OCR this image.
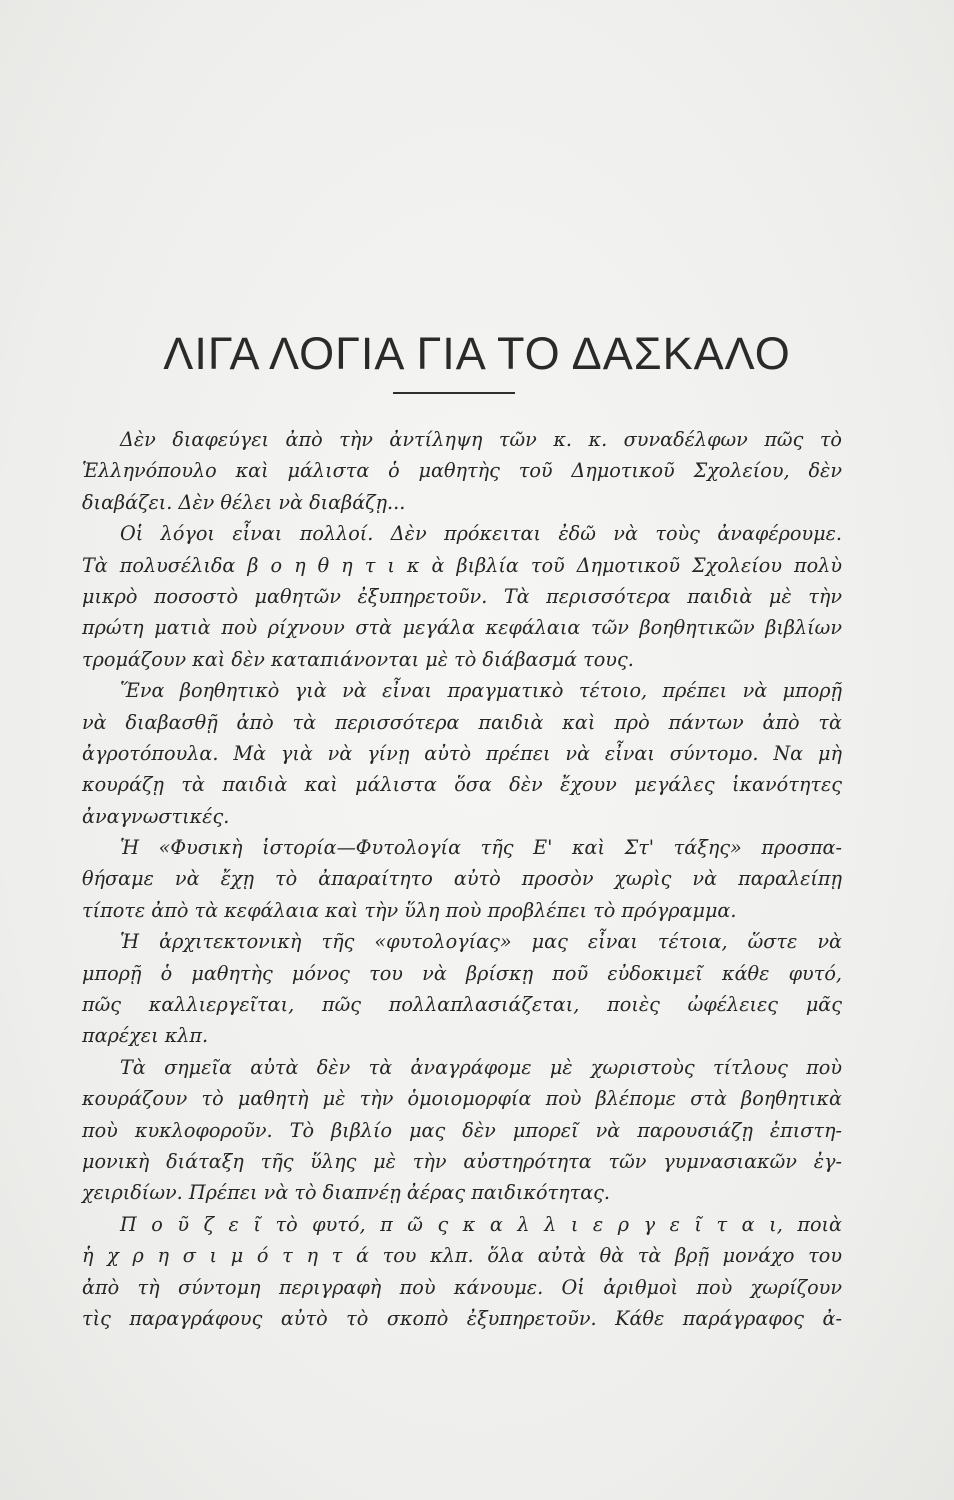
ΛΙΓΑ ΛΟΓΙΑ ΓΙΑ ΤΟ ΔΑΣΚΑΛΟ
Δὲν διαφεύγει ἀπὸ τὴν ἀντίληψη τῶν κ. κ. συναδέλφων πῶς τὸ
Ἑλληνόπουλο καὶ μάλιστα ὁ μαθητὴς τοῦ Δημοτικοῦ Σχολείου, δὲν
διαβάζει. Δὲν θέλει νὰ διαβάζῃ...
Οἱ λόγοι εἶναι πολλοί. Δὲν πρόκειται ἐδῶ νὰ τοὺς ἀναφέρουμε.
Τὰ πολυσέλιδα β ο η θ η τ ι κ ὰ βιβλία τοῦ Δημοτικοῦ Σχολείου πολὺ
μικρὸ ποσοστὸ μαθητῶν ἐξυπηρετοῦν. Τὰ περισσότερα παιδιὰ μὲ τὴν
πρώτη ματιὰ ποὺ ρίχνουν στὰ μεγάλα κεφάλαια τῶν βοηθητικῶν βιβλίων
τρομάζουν καὶ δὲν καταπιάνονται μὲ τὸ διάβασμά τους.
Ἕνα βοηθητικὸ γιὰ νὰ εἶναι πραγματικὸ τέτοιο, πρέπει νὰ μπορῇ
νὰ διαβασθῇ ἀπὸ τὰ περισσότερα παιδιὰ καὶ πρὸ πάντων ἀπὸ τὰ
ἀγροτόπουλα. Μὰ γιὰ νὰ γίνῃ αὐτὸ πρέπει νὰ εἶναι σύντομο. Να μὴ
κουράζῃ τὰ παιδιὰ καὶ μάλιστα ὅσα δὲν ἔχουν μεγάλες ἱκανότητες
ἀναγνωστικές.
Ἡ «Φυσικὴ ἱστορία—Φυτολογία τῆς Ε' καὶ Στ' τάξης» προσπα-
θήσαμε νὰ ἔχῃ τὸ ἀπαραίτητο αὐτὸ προσὸν χωρὶς νὰ παραλείπῃ
τίποτε ἀπὸ τὰ κεφάλαια καὶ τὴν ὕλη ποὺ προβλέπει τὸ πρόγραμμα.
Ἡ ἀρχιτεκτονικὴ τῆς «φυτολογίας» μας εἶναι τέτοια, ὥστε νὰ
μπορῇ ὁ μαθητὴς μόνος του νὰ βρίσκῃ ποῦ εὐδοκιμεῖ κάθε φυτό,
πῶς καλλιεργεῖται, πῶς πολλαπλασιάζεται, ποιὲς ὠφέλειες μᾶς
παρέχει κλπ.
Τὰ σημεῖα αὐτὰ δὲν τὰ ἀναγράφομε μὲ χωριστοὺς τίτλους ποὺ
κουράζουν τὸ μαθητὴ μὲ τὴν ὁμοιομορφία ποὺ βλέπομε στὰ βοηθητικὰ
ποὺ κυκλοφοροῦν. Τὸ βιβλίο μας δὲν μπορεῖ νὰ παρουσιάζῃ ἐπιστη-
μονικὴ διάταξη τῆς ὕλης μὲ τὴν αὐστηρότητα τῶν γυμνασιακῶν ἐγ-
χειριδίων. Πρέπει νὰ τὸ διαπνέῃ ἀέρας παιδικότητας.
Π ο ῦ ζ ε ῖ τὸ φυτό, π ῶ ς κ α λ λ ι ε ρ γ ε ῖ τ α ι, ποιὰ
ἡ χ ρ η σ ι μ ό τ η τ ά του κλπ. ὅλα αὐτὰ θὰ τὰ βρῇ μονάχο του
ἀπὸ τὴ σύντομη περιγραφὴ ποὺ κάνουμε. Οἱ ἀριθμοὶ ποὺ χωρίζουν
τὶς παραγράφους αὐτὸ τὸ σκοπὸ ἐξυπηρετοῦν. Κάθε παράγραφος ἀ-
